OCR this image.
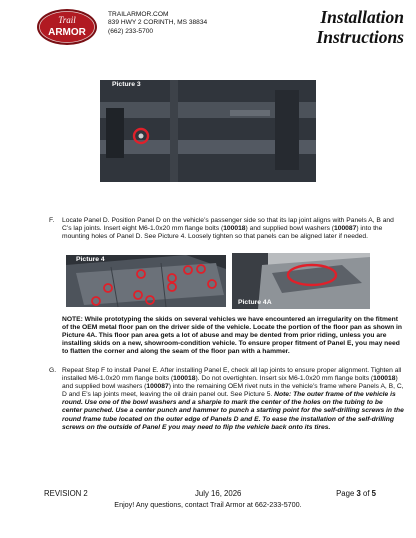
Trail
ARMOR
TRAILARMOR.COM
839 HWY 2 CORINTH, MS 38834
(662) 233-5700
Installation
Instructions
Picture 3
F. Locate Panel D. Position Panel D on the vehicle’s passenger side so that its lap joint aligns with Panels A, B and C’s lap joints. Insert eight M6-1.0x20 mm flange bolts (100018) and supplied bowl washers (100087) into the mounting holes of Panel D. See Picture 4. Loosely tighten so that panels can be aligned later if needed.
Picture 4
Picture 4A
NOTE: While prototyping the skids on several vehicles we have encountered an irregularity on the fitment of the OEM metal floor pan on the driver side of the vehicle. Locate the portion of the floor pan as shown in Picture 4A. This floor pan area gets a lot of abuse and may be dented from prior riding, unless you are installing skids on a new, showroom-condition vehicle. To ensure proper fitment of Panel E, you may need to flatten the corner and along the seam of the floor pan with a hammer.
G. Repeat Step F to install Panel E. After installing Panel E, check all lap joints to ensure proper alignment. Tighten all installed M6-1.0x20 mm flange bolts (100018). Do not overtighten. Insert six M6-1.0x20 mm flange bolts (100018) and supplied bowl washers (100087) into the remaining OEM rivet nuts in the vehicle’s frame where Panels A, B, C, D and E’s lap joints meet, leaving the oil drain panel out. See Picture 5. Note: The outer frame of the vehicle is round. Use one of the bowl washers and a sharpie to mark the center of the holes on the tubing to be center punched. Use a center punch and hammer to punch a starting point for the self-drilling screws in the round frame tube located on the outer edge of Panels D and E. To ease the installation of the self-drilling screws on the outside of Panel E you may need to flip the vehicle back onto its tires.
REVISION 2	July 16, 2026	Page 3 of 5
Enjoy! Any questions, contact Trail Armor at 662-233-5700.
